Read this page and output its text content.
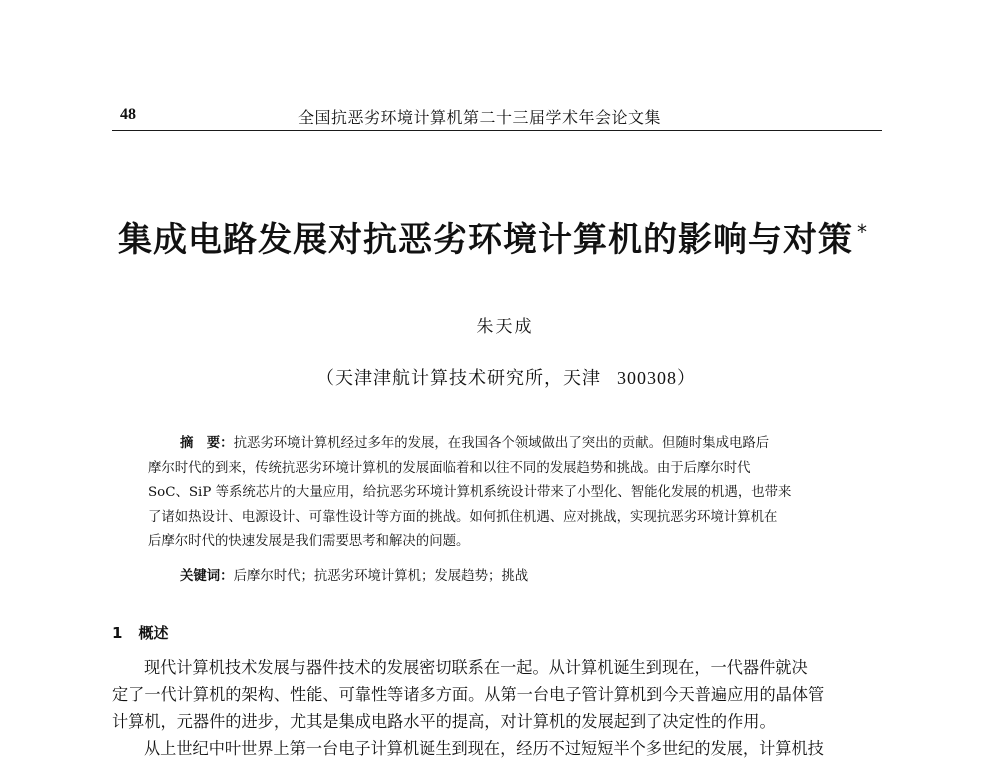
48	全国抗恶劣环境计算机第二十三届学术年会论文集
集成电路发展对抗恶劣环境计算机的影响与对策 *
朱天成
（天津津航计算技术研究所，天津 300308）
摘　要：抗恶劣环境计算机经过多年的发展，在我国各个领域做出了突出的贡献。但随时集成电路后
摩尔时代的到来，传统抗恶劣环境计算机的发展面临着和以往不同的发展趋势和挑战。由于后摩尔时代
SoC、SiP 等系统芯片的大量应用，给抗恶劣环境计算机系统设计带来了小型化、智能化发展的机遇，也带来
了诸如热设计、电源设计、可靠性设计等方面的挑战。如何抓住机遇、应对挑战，实现抗恶劣环境计算机在
后摩尔时代的快速发展是我们需要思考和解决的问题。
关键词：后摩尔时代；抗恶劣环境计算机；发展趋势；挑战
1 概述
现代计算机技术发展与器件技术的发展密切联系在一起。从计算机诞生到现在，一代器件就决
定了一代计算机的架构、性能、可靠性等诸多方面。从第一台电子管计算机到今天普遍应用的晶体管
计算机，元器件的进步，尤其是集成电路水平的提高，对计算机的发展起到了决定性的作用。
从上世纪中叶世界上第一台电子计算机诞生到现在，经历不过短短半个多世纪的发展，计算机技
